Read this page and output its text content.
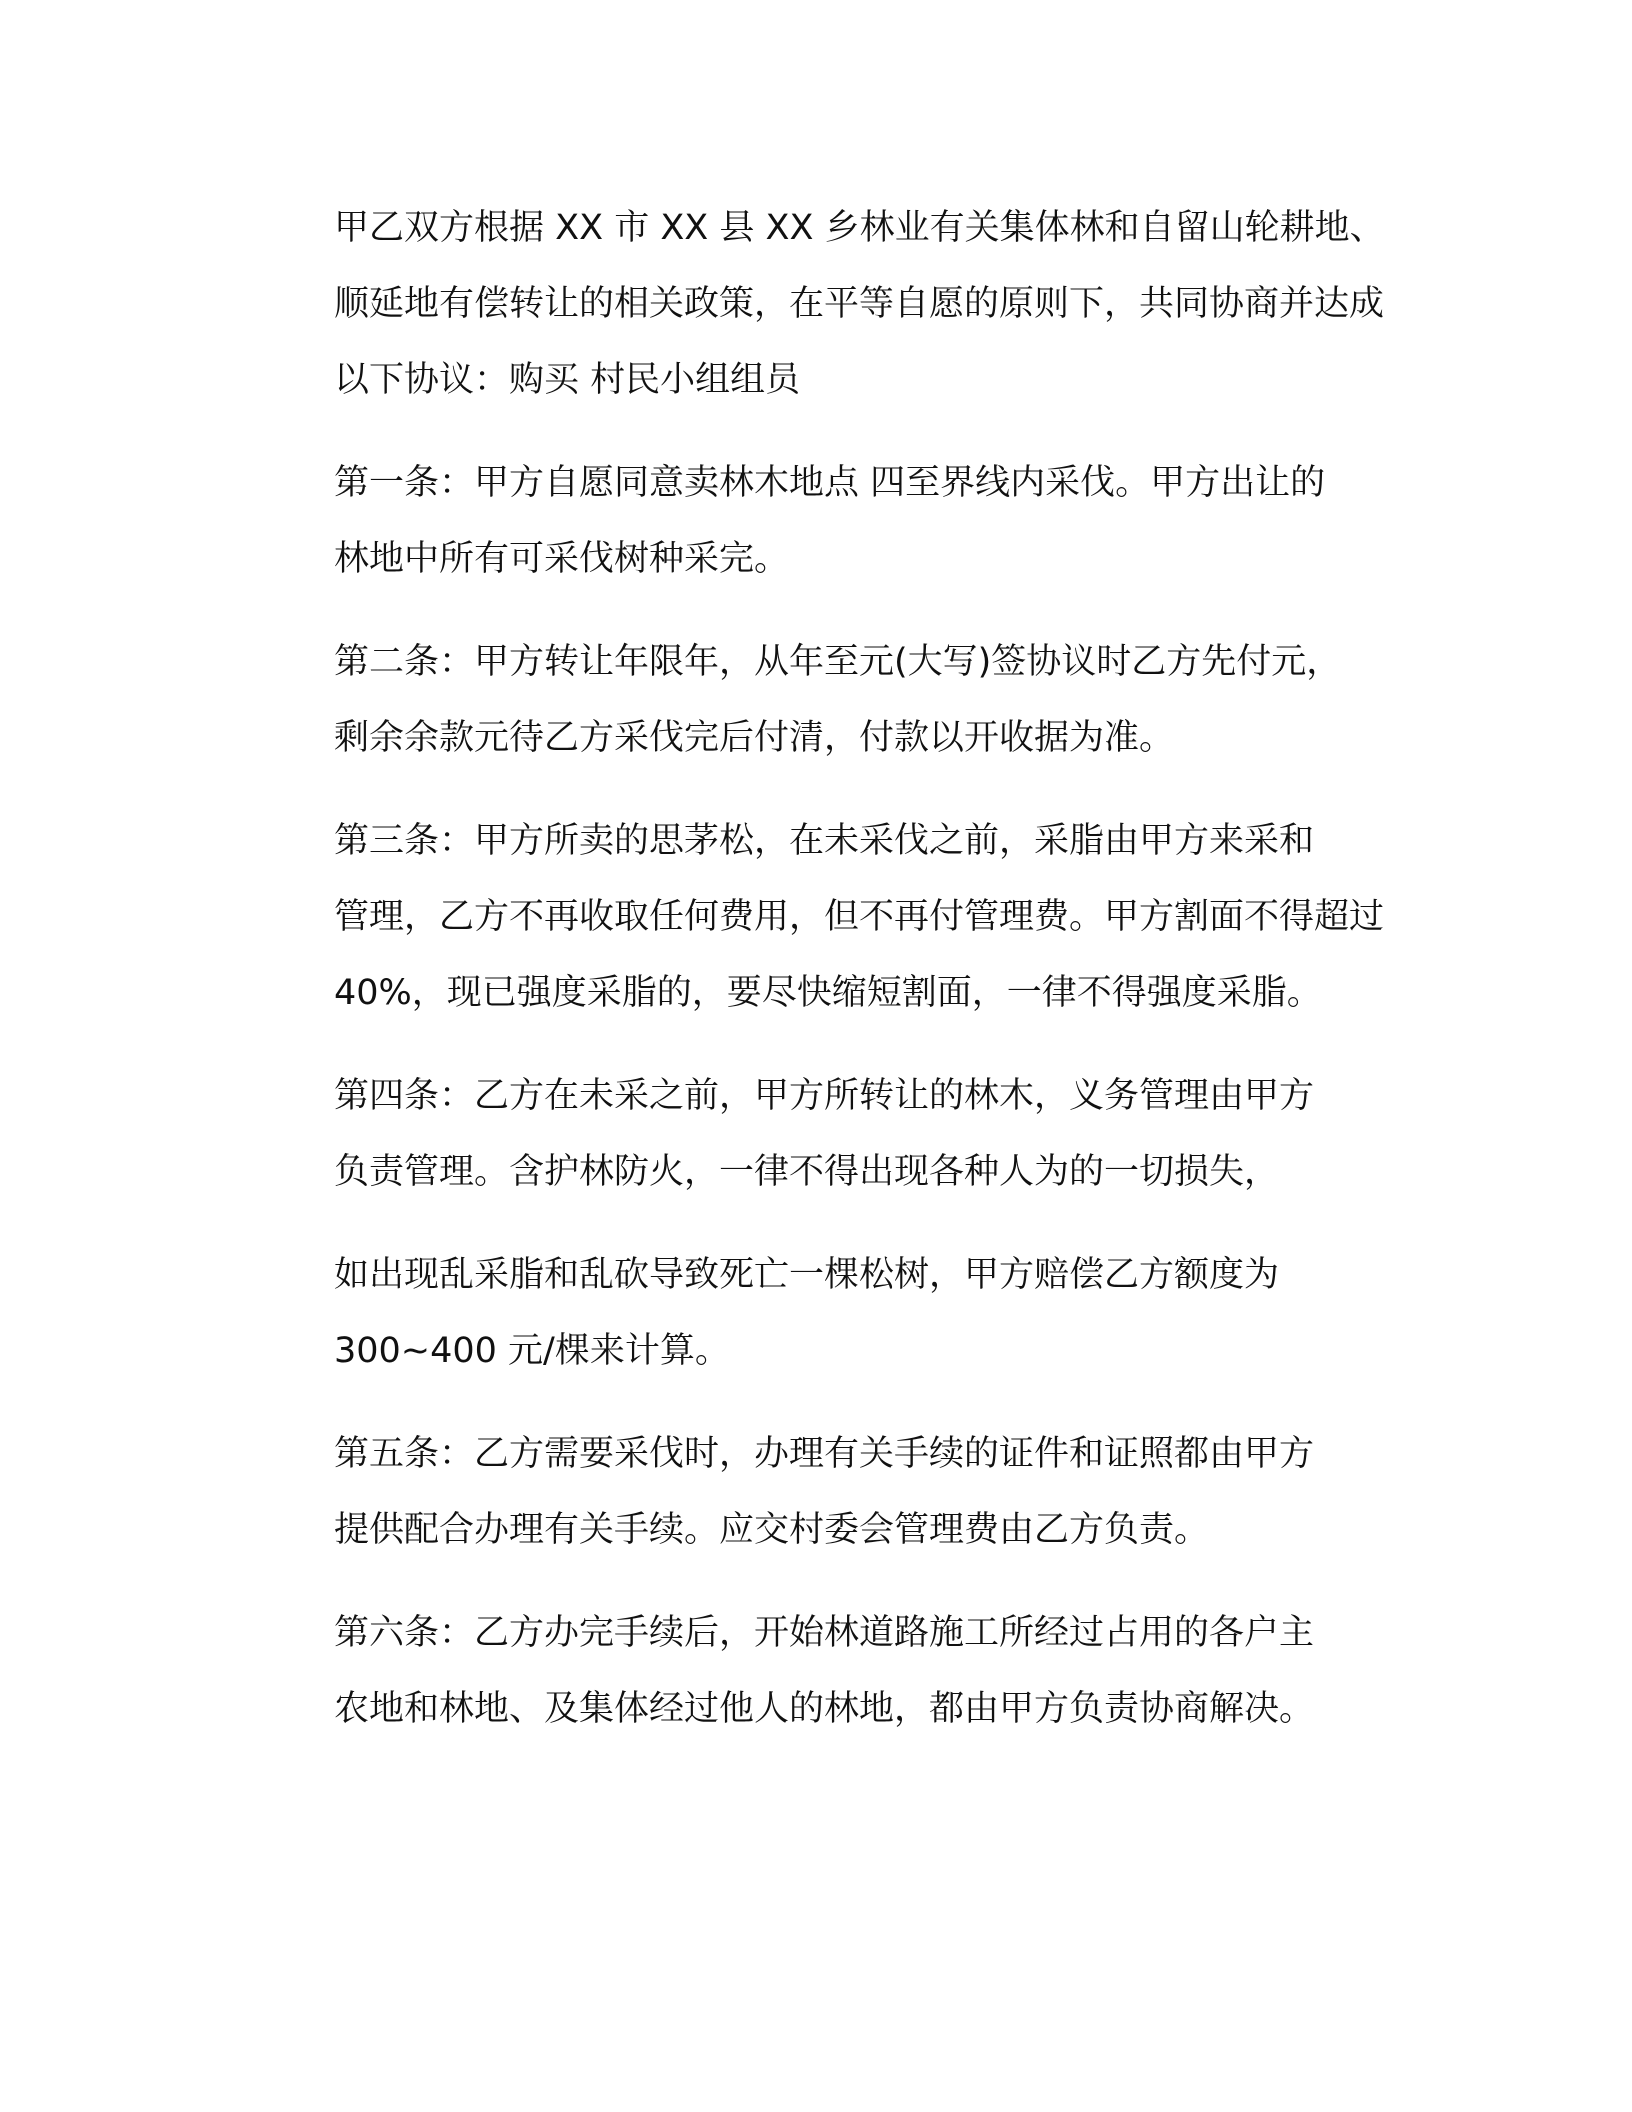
甲乙双方根据 XX 市 XX 县 XX 乡林业有关集体林和自留山轮耕地、
顺延地有偿转让的相关政策，在平等自愿的原则下，共同协商并达成
以下协议：购买 村民小组组员

第一条：甲方自愿同意卖林木地点 四至界线内采伐。甲方出让的
林地中所有可采伐树种采完。

第二条：甲方转让年限年，从年至元(大写)签协议时乙方先付元，
剩余余款元待乙方采伐完后付清，付款以开收据为准。

第三条：甲方所卖的思茅松，在未采伐之前，采脂由甲方来采和
管理，乙方不再收取任何费用，但不再付管理费。甲方割面不得超过
40%，现已强度采脂的，要尽快缩短割面，一律不得强度采脂。

第四条：乙方在未采之前，甲方所转让的林木，义务管理由甲方
负责管理。含护林防火，一律不得出现各种人为的一切损失，

如出现乱采脂和乱砍导致死亡一棵松树，甲方赔偿乙方额度为
300~400 元/棵来计算。

第五条：乙方需要采伐时，办理有关手续的证件和证照都由甲方
提供配合办理有关手续。应交村委会管理费由乙方负责。

第六条：乙方办完手续后，开始林道路施工所经过占用的各户主
农地和林地、及集体经过他人的林地，都由甲方负责协商解决。
